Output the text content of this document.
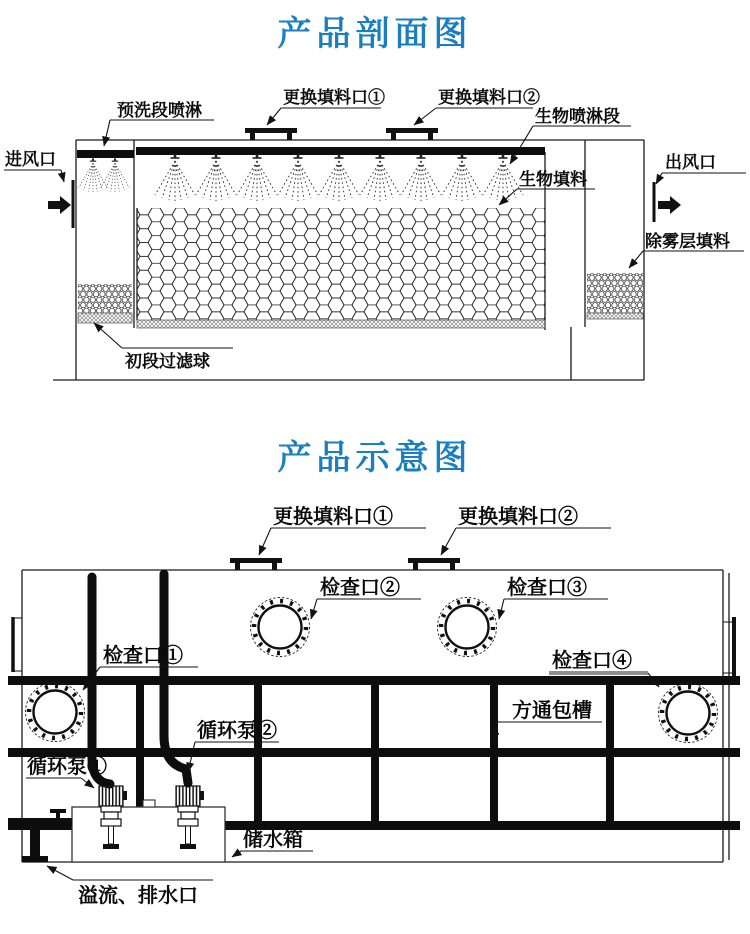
产品剖面图
进风口
预洗段喷淋
更换填料口①	更换填料口②
生物喷淋段
生物填料
出风口
除雾层填料
初段过滤球
产品示意图
更换填料口①	更换填料口②
检查口②	检查口③
检查口①	检查口④
方通包槽
循环泵②
循环泵①
储水箱
溢流、排水口
